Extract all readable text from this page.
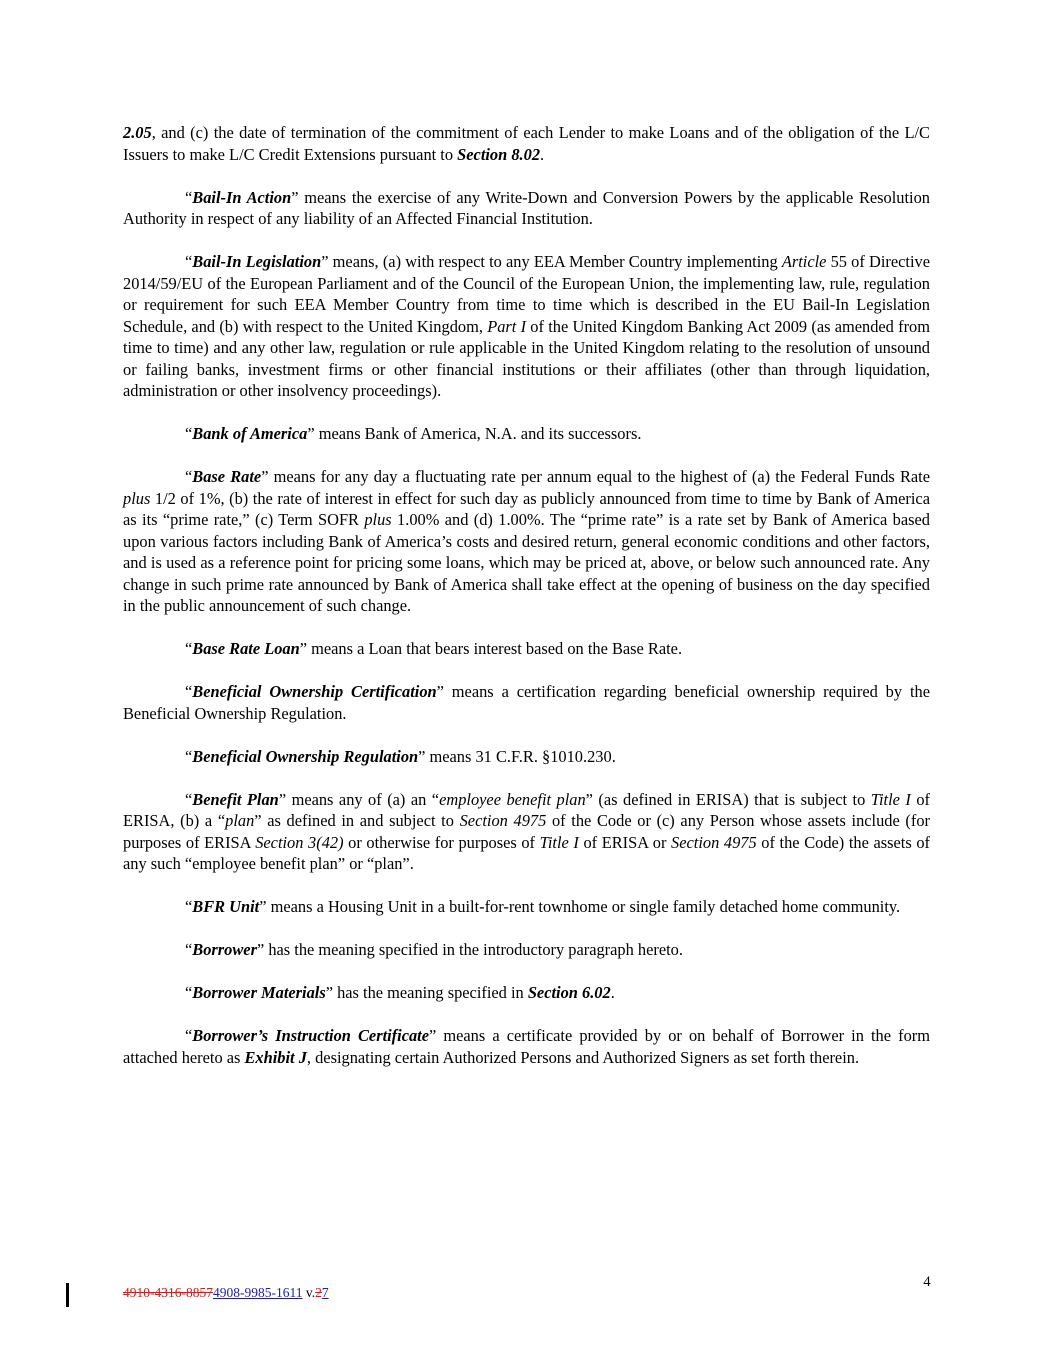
2.05, and (c) the date of termination of the commitment of each Lender to make Loans and of the obligation of the L/C Issuers to make L/C Credit Extensions pursuant to Section 8.02.

“Bail-In Action” means the exercise of any Write-Down and Conversion Powers by the applicable Resolution Authority in respect of any liability of an Affected Financial Institution.

“Bail-In Legislation” means, (a) with respect to any EEA Member Country implementing Article 55 of Directive 2014/59/EU of the European Parliament and of the Council of the European Union, the implementing law, rule, regulation or requirement for such EEA Member Country from time to time which is described in the EU Bail-In Legislation Schedule, and (b) with respect to the United Kingdom, Part I of the United Kingdom Banking Act 2009 (as amended from time to time) and any other law, regulation or rule applicable in the United Kingdom relating to the resolution of unsound or failing banks, investment firms or other financial institutions or their affiliates (other than through liquidation, administration or other insolvency proceedings).

“Bank of America” means Bank of America, N.A. and its successors.

“Base Rate” means for any day a fluctuating rate per annum equal to the highest of (a) the Federal Funds Rate plus 1/2 of 1%, (b) the rate of interest in effect for such day as publicly announced from time to time by Bank of America as its “prime rate,” (c) Term SOFR plus 1.00% and (d) 1.00%. The “prime rate” is a rate set by Bank of America based upon various factors including Bank of America’s costs and desired return, general economic conditions and other factors, and is used as a reference point for pricing some loans, which may be priced at, above, or below such announced rate. Any change in such prime rate announced by Bank of America shall take effect at the opening of business on the day specified in the public announcement of such change.

“Base Rate Loan” means a Loan that bears interest based on the Base Rate.

“Beneficial Ownership Certification” means a certification regarding beneficial ownership required by the Beneficial Ownership Regulation.

“Beneficial Ownership Regulation” means 31 C.F.R. §1010.230.

“Benefit Plan” means any of (a) an “employee benefit plan” (as defined in ERISA) that is subject to Title I of ERISA, (b) a “plan” as defined in and subject to Section 4975 of the Code or (c) any Person whose assets include (for purposes of ERISA Section 3(42) or otherwise for purposes of Title I of ERISA or Section 4975 of the Code) the assets of any such “employee benefit plan” or “plan”.

“BFR Unit” means a Housing Unit in a built-for-rent townhome or single family detached home community.

“Borrower” has the meaning specified in the introductory paragraph hereto.

“Borrower Materials” has the meaning specified in Section 6.02.

“Borrower’s Instruction Certificate” means a certificate provided by or on behalf of Borrower in the form attached hereto as Exhibit J, designating certain Authorized Persons and Authorized Signers as set forth therein.

4910-4316-88574908-9985-1611 v.27
4
